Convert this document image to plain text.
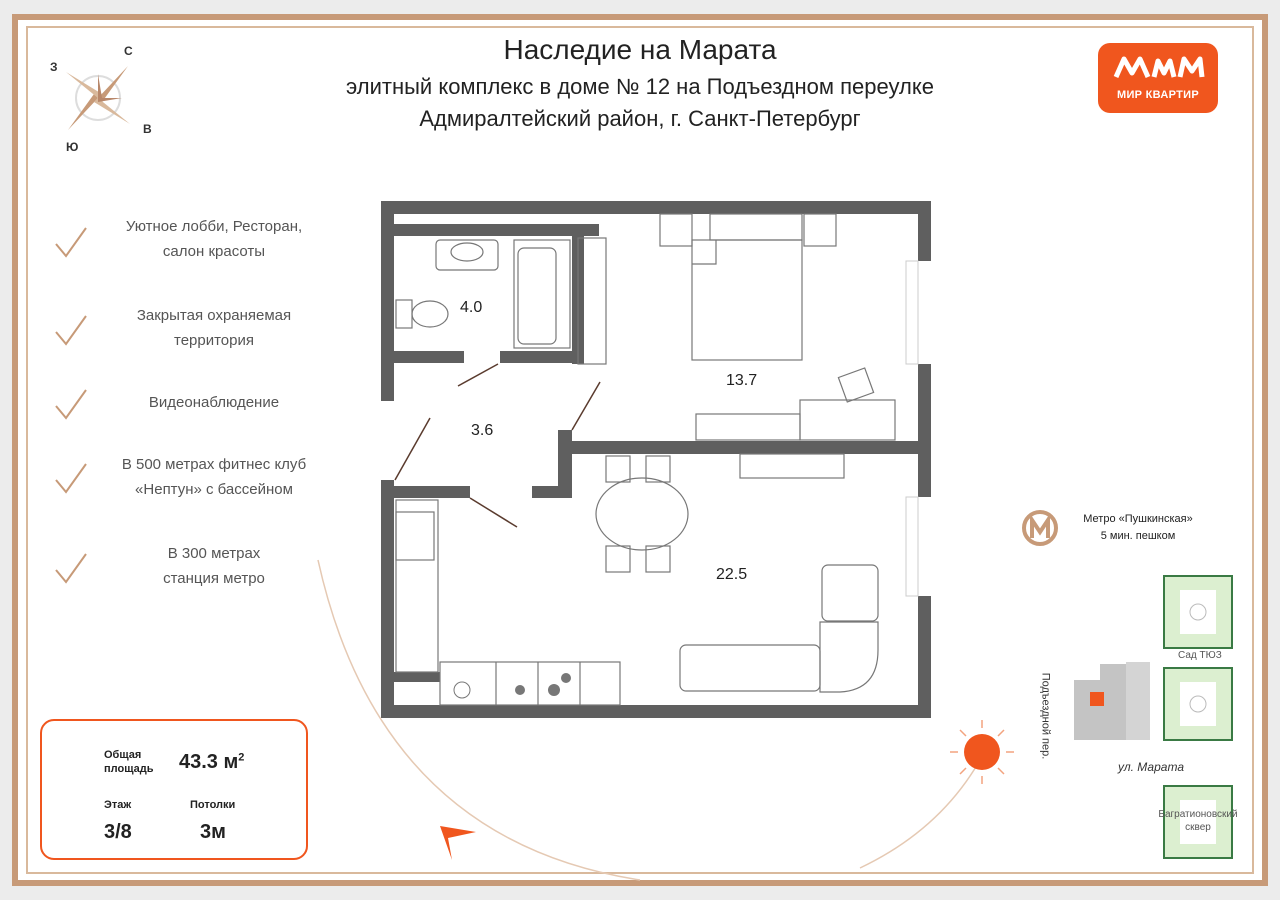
Наследие на Марата
элитный комплекс в доме № 12 на Подъездном переулке
Адмиралтейский район, г. Санкт-Петербург
МИР КВАРТИР
С
З
В
Ю
Уютное лобби, Ресторан,
салон красоты
Закрытая охраняемая
территория
Видеонаблюдение
В 500 метрах фитнес клуб
«Нептун» с бассейном
В 300 метрах
станция метро
4.0
3.6
13.7
22.5
Общая
площадь 43.3 $м^2$
Этаж
3/8
Потолки
3м
Метро «Пушкинская»
5 мин. пешком
Сад ТЮЗ
ул. Марата
Подъездной пер.
Багратионовский
сквер
